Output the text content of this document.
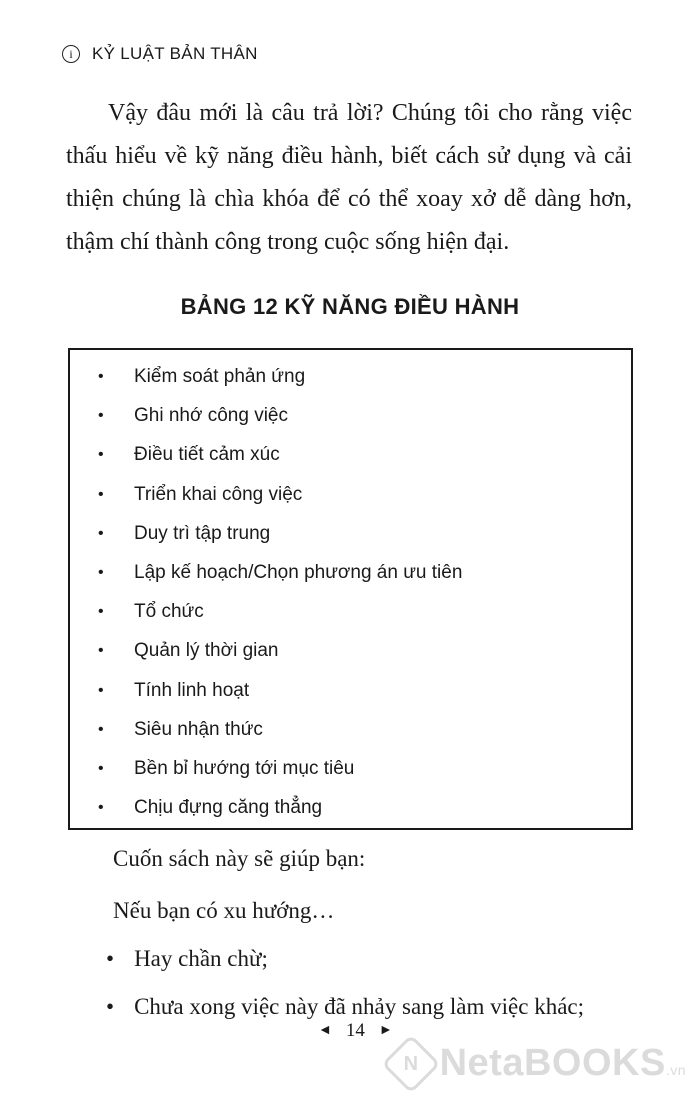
i	KỶ LUẬT BẢN THÂN

Vậy đâu mới là câu trả lời? Chúng tôi cho rằng việc thấu hiểu về kỹ năng điều hành, biết cách sử dụng và cải thiện chúng là chìa khóa để có thể xoay xở dễ dàng hơn, thậm chí thành công trong cuộc sống hiện đại.

BẢNG 12 KỸ NĂNG ĐIỀU HÀNH
• Kiểm soát phản ứng
• Ghi nhớ công việc
• Điều tiết cảm xúc
• Triển khai công việc
• Duy trì tập trung
• Lập kế hoạch/Chọn phương án ưu tiên
• Tổ chức
• Quản lý thời gian
• Tính linh hoạt
• Siêu nhận thức
• Bền bỉ hướng tới mục tiêu
• Chịu đựng căng thẳng

Cuốn sách này sẽ giúp bạn:

Nếu bạn có xu hướng…

• Hay chần chừ;

• Chưa xong việc này đã nhảy sang làm việc khác;

◄ 14 ►
N NetaBOOKS.vn
